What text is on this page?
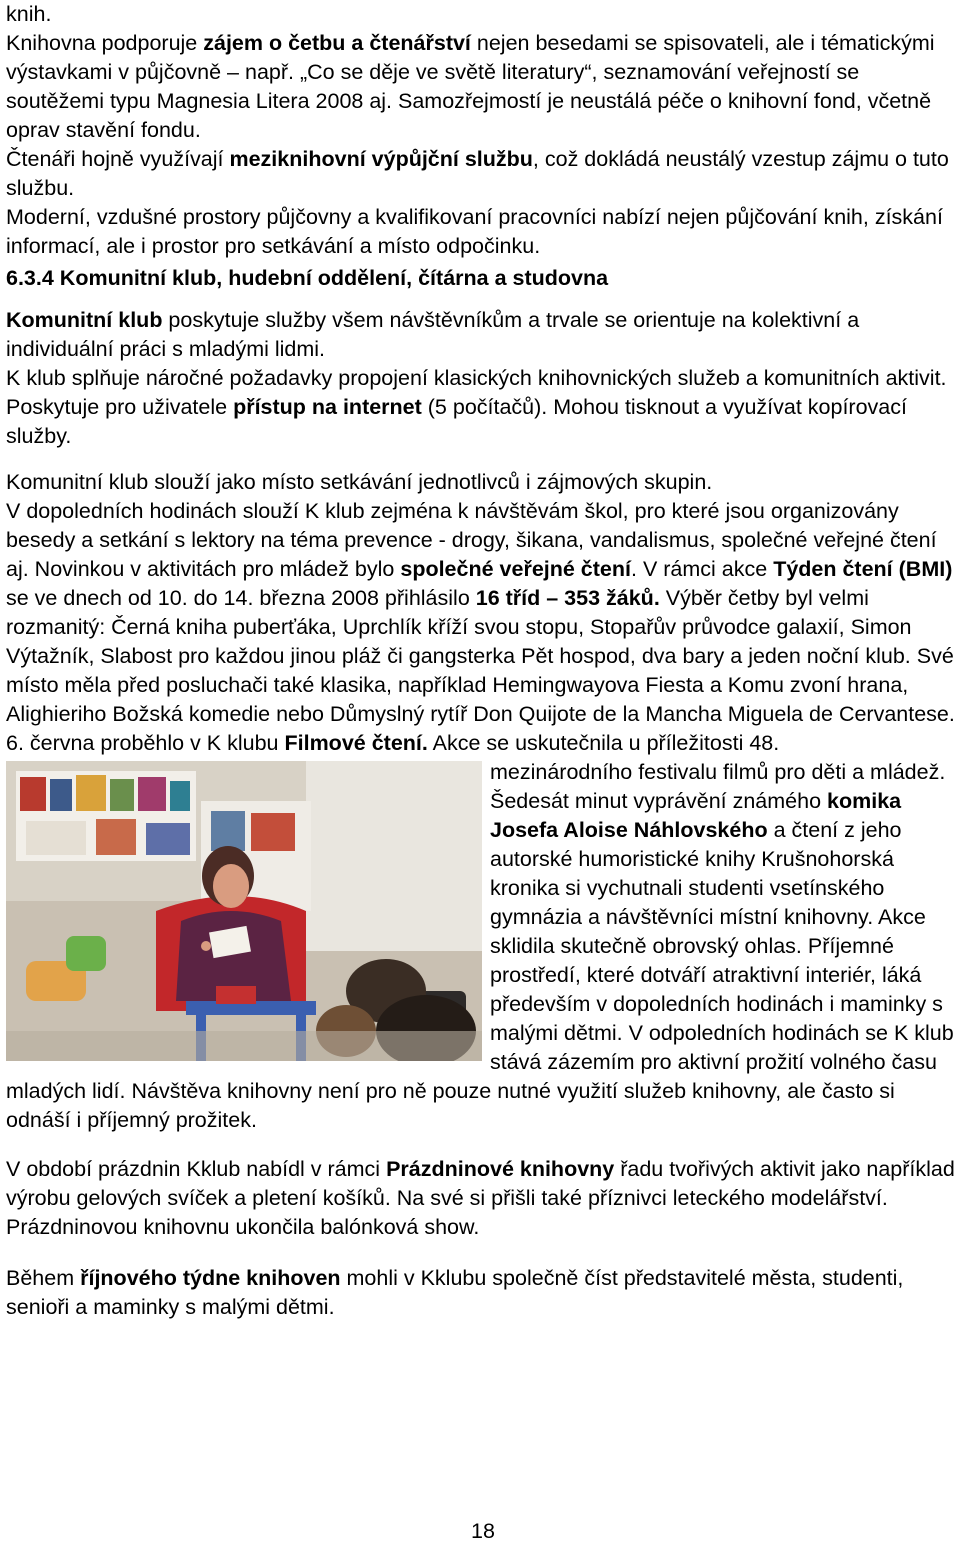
knih.

Knihovna podporuje zájem o četbu a čtenářství nejen besedami se spisovateli, ale i tématickými výstavkami v půjčovně – např. „Co se děje ve světě literatury“, seznamování veřejností se soutěžemi typu Magnesia Litera 2008 aj. Samozřejmostí je neustálá péče o knihovní fond, včetně oprav stavění fondu.

Čtenáři hojně využívají meziknihovní výpůjční službu, což dokládá neustálý vzestup zájmu o tuto službu.

Moderní, vzdušné prostory půjčovny a kvalifikovaní pracovníci nabízí nejen půjčování knih, získání informací, ale i prostor pro setkávání a místo odpočinku.

6.3.4 Komunitní klub, hudební oddělení, čítárna a studovna

Komunitní klub poskytuje služby všem návštěvníkům a trvale se orientuje na kolektivní a individuální práci s mladými lidmi.

K klub splňuje náročné požadavky propojení klasických knihovnických služeb a komunitních aktivit. Poskytuje pro uživatele přístup na internet (5 počítačů). Mohou tisknout a využívat kopírovací služby.

Komunitní klub slouží jako místo setkávání jednotlivců i zájmových skupin.

V dopoledních hodinách slouží K klub zejména k návštěvám škol, pro které jsou organizovány besedy a setkání s lektory na téma prevence - drogy, šikana, vandalismus, společné veřejné čtení aj. Novinkou v aktivitách pro mládež bylo společné veřejné čtení. V rámci akce Týden čtení (BMI) se ve dnech od 10. do 14. března 2008 přihlásilo 16 tříd – 353 žáků. Výběr četby byl velmi rozmanitý: Černá kniha puberťáka, Uprchlík kříží svou stopu, Stopařův průvodce galaxií, Simon Výtažník, Slabost pro každou jinou pláž či gangsterka Pět hospod, dva bary a jeden noční klub. Své místo měla před posluchači také klasika, například Hemingwayova Fiesta a Komu zvoní hrana, Alighieriho Božská komedie nebo Důmyslný rytíř Don Quijote de la Mancha Miguela de Cervantese.

6. června proběhlo v K klubu Filmové čtení. Akce se uskutečnila u příležitosti 48.

mezinárodního festivalu filmů pro děti a mládež. Šedesát minut vyprávění známého komika Josefa Aloise Náhlovského a čtení z jeho autorské humoristické knihy Krušnohorská kronika si vychutnali studenti vsetínského gymnázia a návštěvníci místní knihovny. Akce sklidila skutečně obrovský ohlas. Příjemné prostředí, které dotváří atraktivní interiér, láká především v dopoledních hodinách i maminky s malými dětmi. V odpoledních hodinách se K klub stává zázemím pro aktivní prožití volného času mladých lidí. Návštěva knihovny není pro ně pouze nutné využití služeb knihovny, ale často si odnáší i příjemný prožitek.

V období prázdnin Kklub nabídl v rámci Prázdninové knihovny řadu tvořivých aktivit jako například výrobu gelových svíček a pletení košíků. Na své si přišli také příznivci leteckého modelářství. Prázdninovou knihovnu ukončila balónková show.

Během říjnového týdne knihoven mohli v Kklubu společně číst představitelé města, studenti, senioři a maminky s malými dětmi.

18
